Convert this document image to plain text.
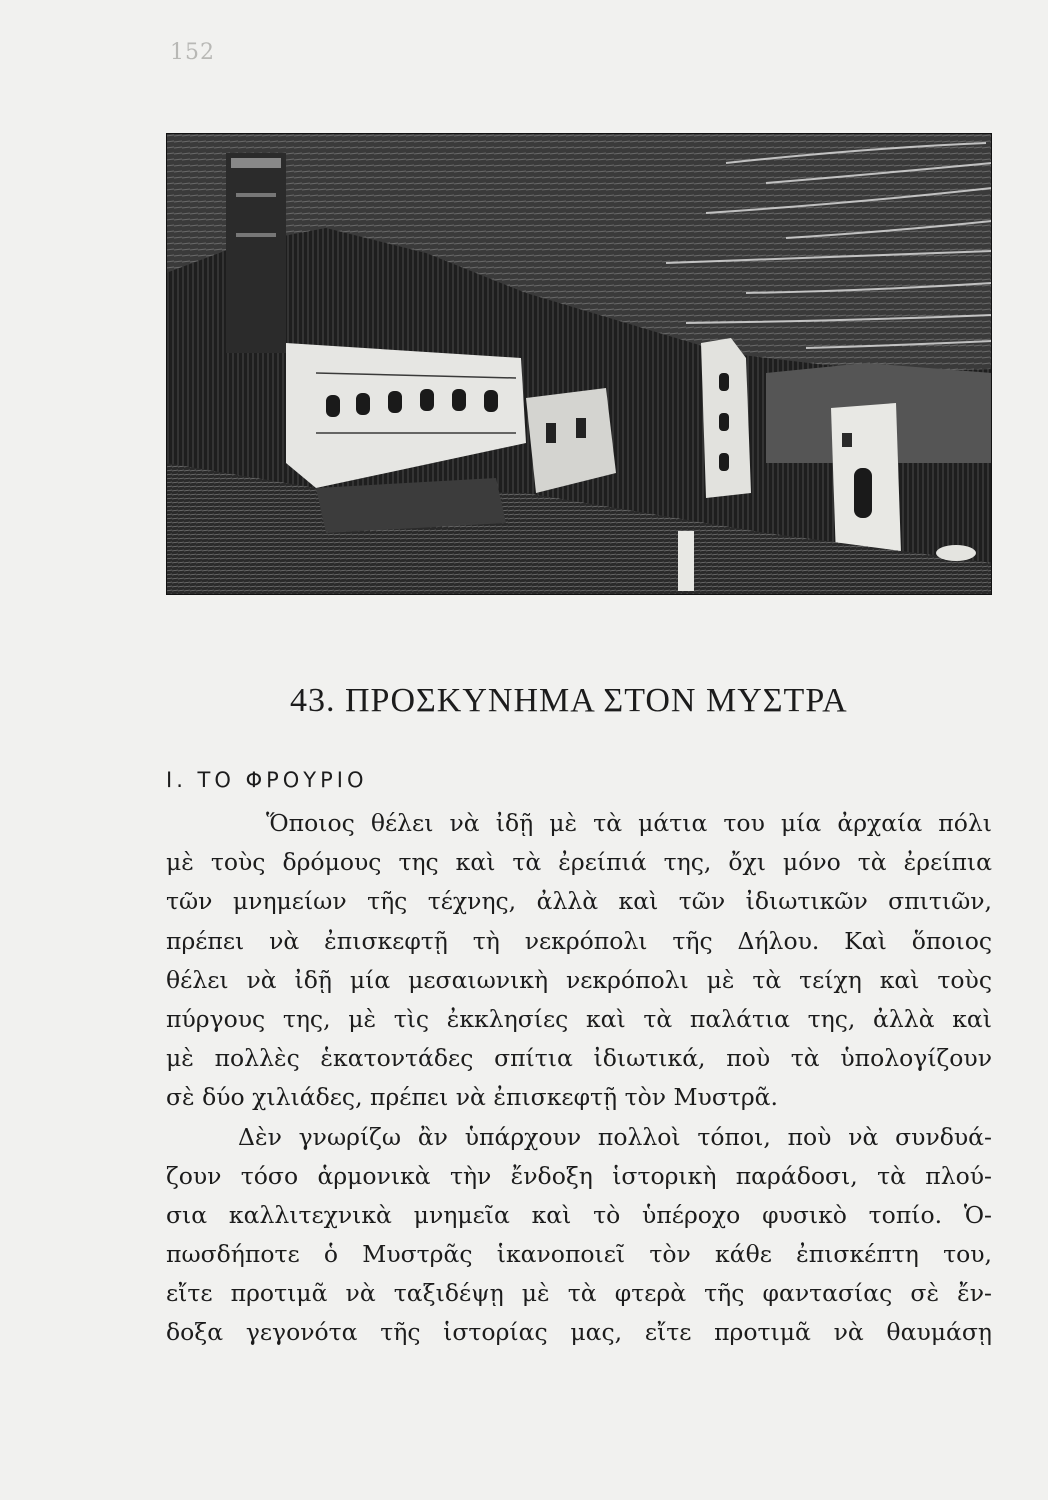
152
43. ΠΡΟΣΚΥΝΗΜΑ ΣΤΟΝ ΜΥΣΤΡΑ
Ι. ΤΟ ΦΡΟΥΡΙΟ
Ὅποιος θέλει νὰ ἰδῇ μὲ τὰ μάτια του μία ἀρχαία πόλι
μὲ τοὺς δρόμους της καὶ τὰ ἐρείπιά της, ὄχι μόνο τὰ ἐρείπια
τῶν μνημείων τῆς τέχνης, ἀλλὰ καὶ τῶν ἰδιωτικῶν σπιτιῶν,
πρέπει νὰ ἐπισκεφτῇ τὴ νεκρόπολι τῆς Δήλου. Καὶ ὅποιος
θέλει νὰ ἰδῇ μία μεσαιωνικὴ νεκρόπολι μὲ τὰ τείχη καὶ τοὺς
πύργους της, μὲ τὶς ἐκκλησίες καὶ τὰ παλάτια της, ἀλλὰ καὶ
μὲ πολλὲς ἑκατοντάδες σπίτια ἰδιωτικά, ποὺ τὰ ὑπολογίζουν
σὲ δύο χιλιάδες, πρέπει νὰ ἐπισκεφτῇ τὸν Μυστρᾶ.
Δὲν γνωρίζω ἂν ὑπάρχουν πολλοὶ τόποι, ποὺ νὰ συνδυά-
ζουν τόσο ἁρμονικὰ τὴν ἔνδοξη ἱστορικὴ παράδοσι, τὰ πλού-
σια καλλιτεχνικὰ μνημεῖα καὶ τὸ ὑπέροχο φυσικὸ τοπίο. Ὁ-
πωσδήποτε ὁ Μυστρᾶς ἱκανοποιεῖ τὸν κάθε ἐπισκέπτη του,
εἴτε προτιμᾶ νὰ ταξιδέψῃ μὲ τὰ φτερὰ τῆς φαντασίας σὲ ἔν-
δοξα γεγονότα τῆς ἱστορίας μας, εἴτε προτιμᾶ νὰ θαυμάσῃ
